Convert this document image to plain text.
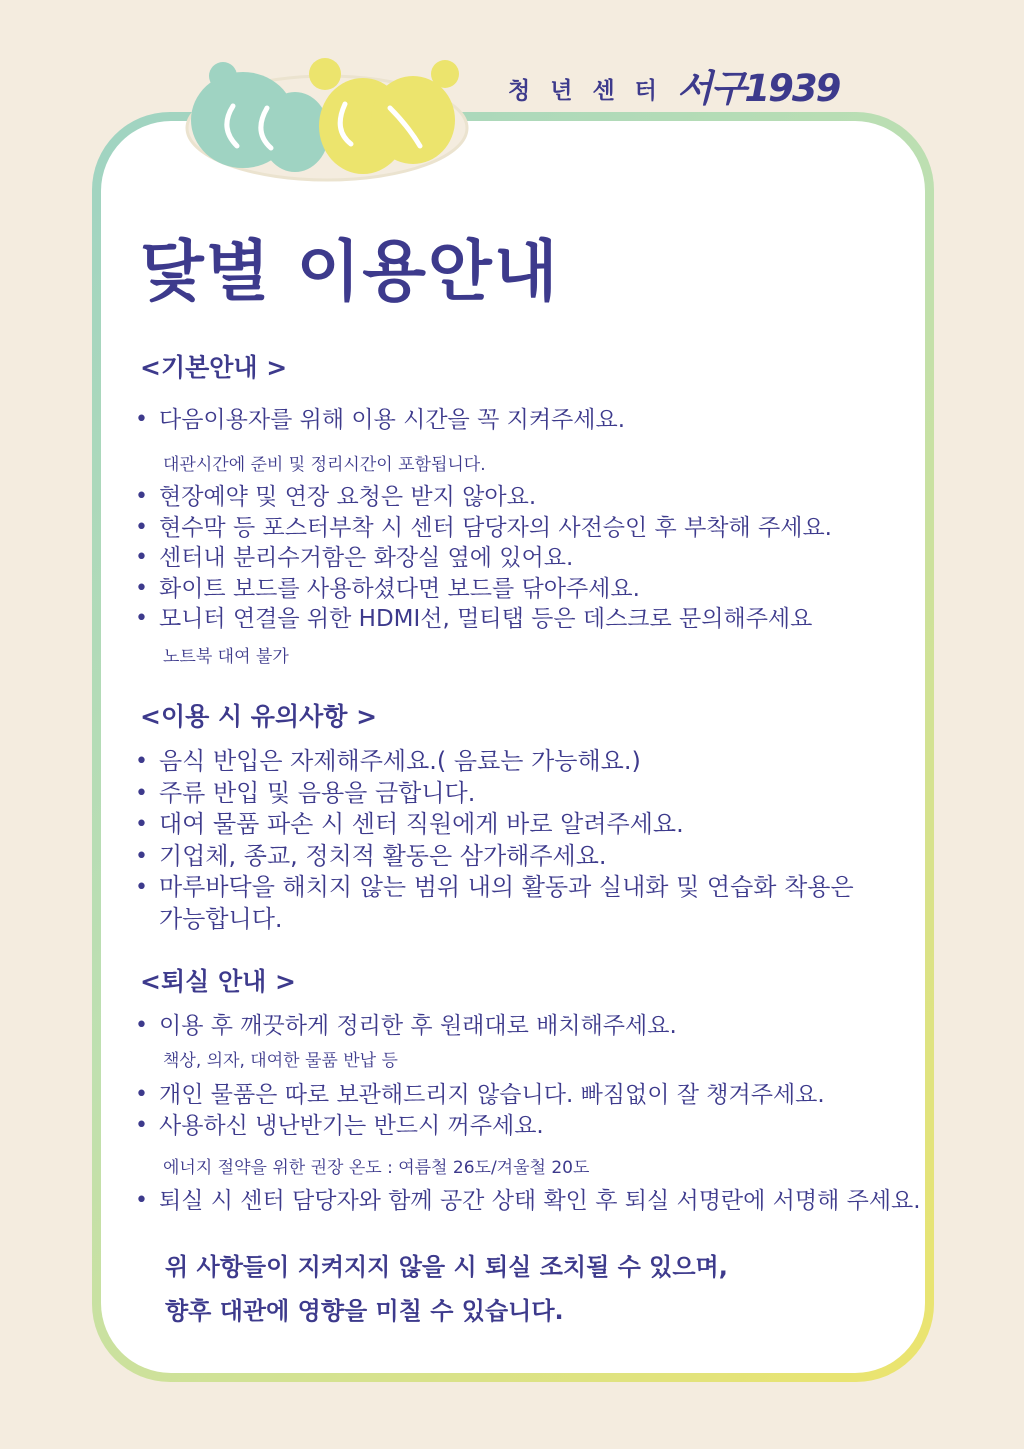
청 년 센 터 서구1939
닻별 이용안내
<기본안내 >
• 다음이용자를 위해 이용 시간을 꼭 지켜주세요.
대관시간에 준비 및 정리시간이 포함됩니다.
• 현장예약 및 연장 요청은 받지 않아요.
• 현수막 등 포스터부착 시 센터 담당자의 사전승인 후 부착해 주세요.
• 센터내 분리수거함은 화장실 옆에 있어요.
• 화이트 보드를 사용하셨다면 보드를 닦아주세요.
• 모니터 연결을 위한 HDMI선, 멀티탭 등은 데스크로 문의해주세요
노트북 대여 불가
<이용 시 유의사항 >
• 음식 반입은 자제해주세요.( 음료는 가능해요.)
• 주류 반입 및 음용을 금합니다.
• 대여 물품 파손 시 센터 직원에게 바로 알려주세요.
• 기업체, 종교, 정치적 활동은 삼가해주세요.
• 마루바닥을 해치지 않는 범위 내의 활동과 실내화 및 연습화 착용은
가능합니다.
<퇴실 안내 >
• 이용 후 깨끗하게 정리한 후 원래대로 배치해주세요.
책상, 의자, 대여한 물품 반납 등
• 개인 물품은 따로 보관해드리지 않습니다. 빠짐없이 잘 챙겨주세요.
• 사용하신 냉난반기는 반드시 꺼주세요.
에너지 절약을 위한 권장 온도 : 여름철 26도/겨울철 20도
• 퇴실 시 센터 담당자와 함께 공간 상태 확인 후 퇴실 서명란에 서명해 주세요.
위 사항들이 지켜지지 않을 시 퇴실 조치될 수 있으며,
향후 대관에 영향을 미칠 수 있습니다.
